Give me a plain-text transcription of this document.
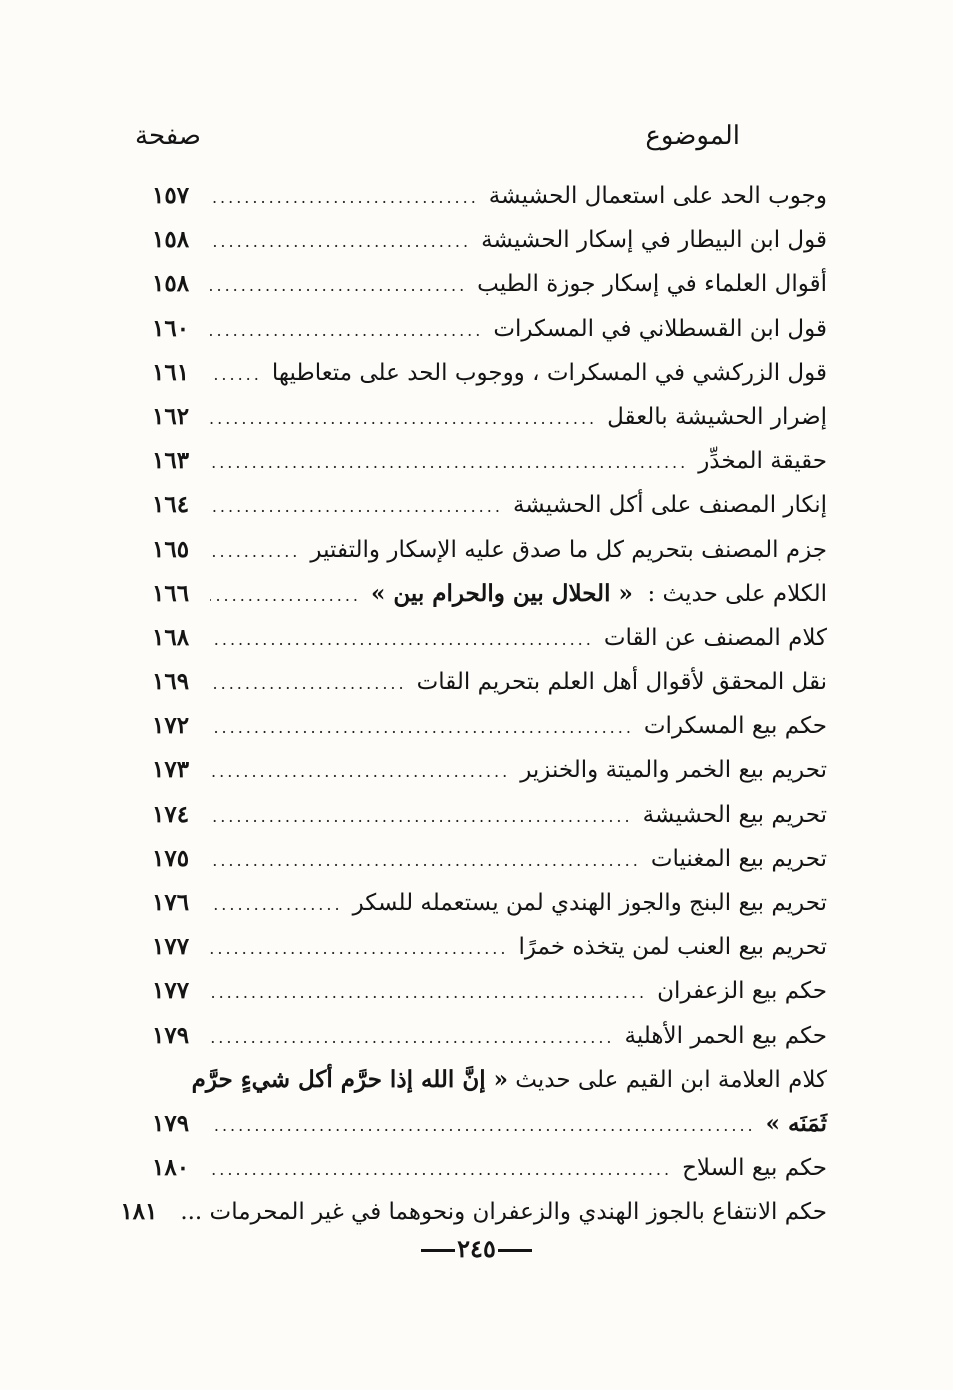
الموضوع
صفحة
وجوب الحد على استعمال الحشيشة
.....
١٥٧
قول ابن البيطار في إسكار الحشيشة
.....
١٥٨
أقوال العلماء في إسكار جوزة الطيب
.....
١٥٨
قول ابن القسطلاني في المسكرات
.....
١٦٠
قول الزركشي في المسكرات ، ووجوب الحد على متعاطيها
.....
١٦١
إضرار الحشيشة بالعقل
.....
١٦٢
حقيقة المخدِّر
.....
١٦٣
إنكار المصنف على أكل الحشيشة
.....
١٦٤
جزم المصنف بتحريم كل ما صدق عليه الإسكار والتفتير
.....
١٦٥
الكلام على حديث :  « الحلال بين والحرام بين »
.....
١٦٦
كلام المصنف عن القات
.....
١٦٨
نقل المحقق لأقوال أهل العلم بتحريم القات
.....
١٦٩
حكم بيع المسكرات
.....
١٧٢
تحريم بيع الخمر والميتة والخنزير
.....
١٧٣
تحريم بيع الحشيشة
.....
١٧٤
تحريم بيع المغنيات
.....
١٧٥
تحريم بيع البنج والجوز الهندي لمن يستعمله للسكر
.....
١٧٦
تحريم بيع العنب لمن يتخذه خمرًا
.....
١٧٧
حكم بيع الزعفران
.....
١٧٧
حكم بيع الحمر الأهلية
.....
١٧٩
كلام العلامة ابن القيم على حديث « إنَّ الله إذا حرَّم أكل شيءٍ حرَّم
ثَمَنَه »
.....
١٧٩
حكم بيع السلاح
.....
١٨٠
حكم الانتفاع بالجوز الهندي والزعفران ونحوهما في غير المحرمات ...
١٨١
٢٤٥
